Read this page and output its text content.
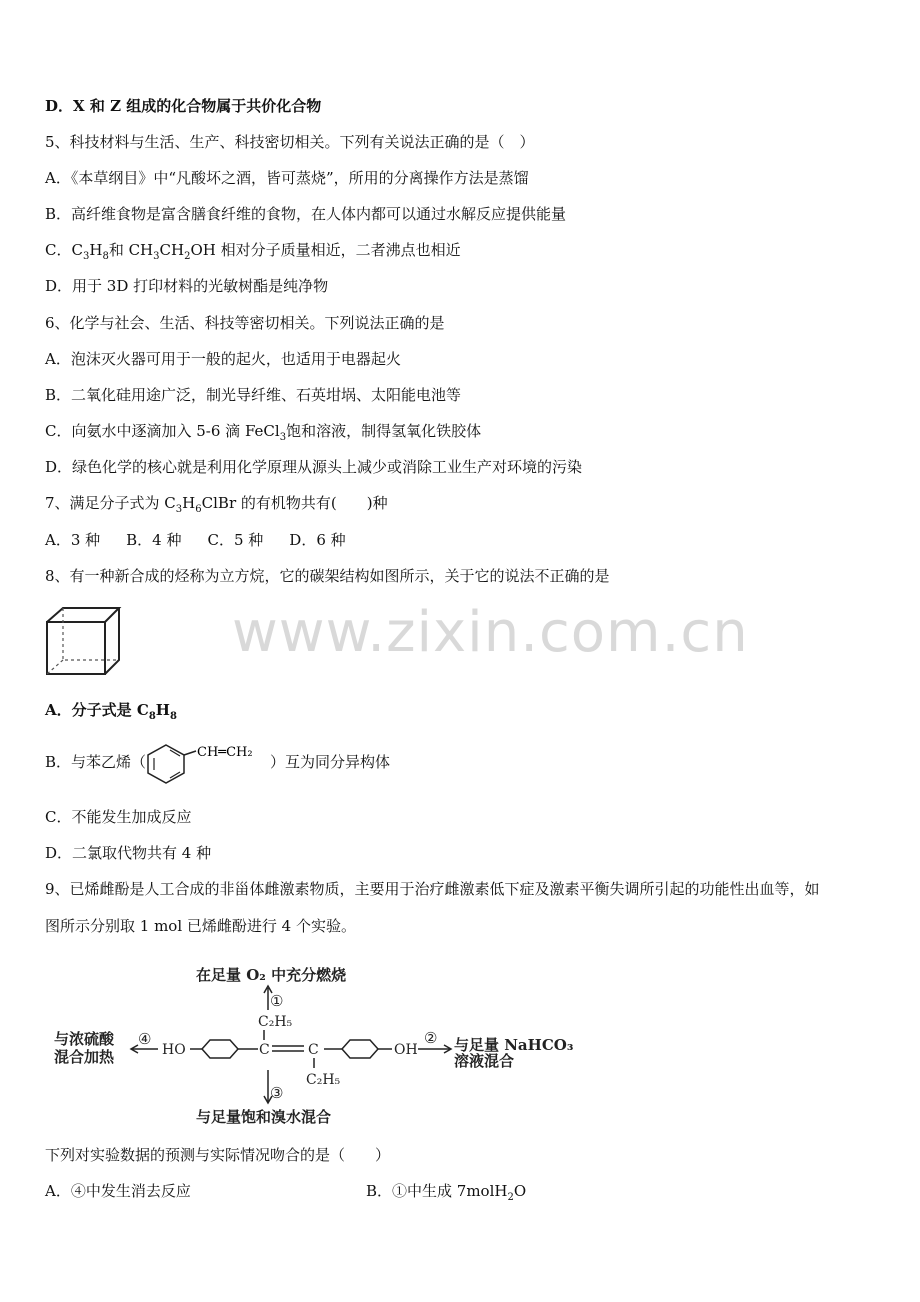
www.zixin.com.cn
D．X 和 Z 组成的化合物属于共价化合物
5、科技材料与生活、生产、科技密切相关。下列有关说法正确的是（　）
A．《本草纲目》中“凡酸坏之酒，皆可蒸烧”，所用的分离操作方法是蒸馏
B．高纤维食物是富含膳食纤维的食物，在人体内都可以通过水解反应提供能量
C．$C_3H_8$和 $CH_3CH_2OH$ 相对分子质量相近，二者沸点也相近
D．用于 3D 打印材料的光敏树酯是纯净物
6、化学与社会、生活、科技等密切相关。下列说法正确的是
A．泡沫灭火器可用于一般的起火，也适用于电器起火
B．二氧化硅用途广泛，制光导纤维、石英坩埚、太阳能电池等
C．向氨水中逐滴加入 5-6 滴 FeCl$_3$饱和溶液，制得氢氧化铁胶体
D．绿色化学的核心就是利用化学原理从源头上减少或消除工业生产对环境的污染
7、满足分子式为 $C_3H_6ClBr$ 的有机物共有(　　)种
A．3 种 B．4 种 C．5 种 D．6 种
8、有一种新合成的烃称为立方烷，它的碳架结构如图所示，关于它的说法不正确的是
A．分子式是 $C_8H_8$
B．与苯乙烯（
CH═CH₂
）互为同分异构体
C．不能发生加成反应
D．二氯取代物共有 4 种
9、已烯雌酚是人工合成的非甾体雌激素物质，主要用于治疗雌激素低下症及激素平衡失调所引起的功能性出血等，如
图所示分别取 1 mol 已烯雌酚进行 4 个实验。
在足量 O₂ 中充分燃烧
①
与浓硫酸
混合加热
④	② 与足量 NaHCO₃
溶液混合
③
与足量饱和溴水混合
HO	C	C	OH
C₂H₅
C₂H₅
下列对实验数据的预测与实际情况吻合的是（　　）
A．④中发生消去反应	B．①中生成 7molH$_2$O
